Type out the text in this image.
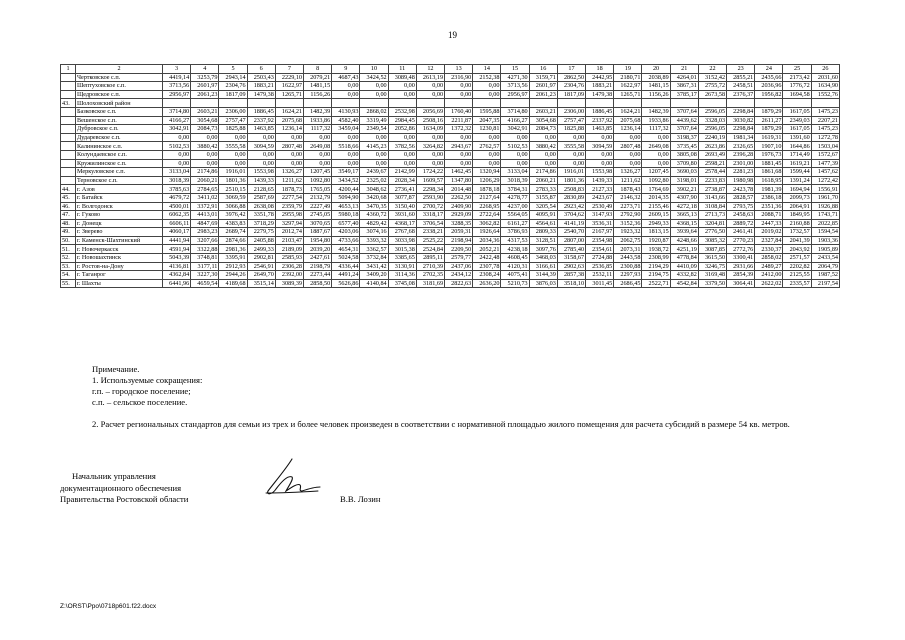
19
1	2	3	4	5	6	7	8	9	10	11	12	13	14	15	16	17	18	19	20	21	22	23	24	25	26
	Чертковское с.п.	4419,14	3253,79	2943,14	2503,43	2229,10	2079,21	4687,43	3424,52	3089,48	2613,19	2316,90	2152,38	4271,30	3159,71	2862,50	2442,95	2180,71	2038,89	4264,01	3152,42	2855,21	2435,66	2173,42	2031,60
	Шептуховское с.п.	3713,56	2601,97	2304,76	1883,21	1622,97	1481,15	0,00	0,00	0,00	0,00	0,00	0,00	3713,56	2601,97	2304,76	1883,21	1622,97	1481,15	3867,31	2755,72	2458,51	2036,96	1776,72	1634,90
	Щедровское с.п.	2956,97	2061,23	1817,09	1479,38	1265,71	1156,26	0,00	0,00	0,00	0,00	0,00	0,00	2956,97	2061,23	1817,09	1479,38	1265,71	1156,26	3785,17	2673,58	2376,37	1956,82	1694,58	1552,76
43.	Шолоховский район																								
	Базковское с.п.	3714,80	2603,21	2306,00	1886,45	1624,21	1482,39	4130,93	2868,02	2532,98	2056,69	1760,40	1595,88	3714,80	2603,21	2306,00	1886,45	1624,21	1482,39	3707,64	2596,05	2298,84	1879,29	1617,05	1475,23
	Вешенское с.п.	4166,27	3054,68	2757,47	2337,92	2075,68	1933,86	4582,40	3319,49	2984,45	2508,16	2211,87	2047,35	4166,27	3054,68	2757,47	2337,92	2075,68	1933,86	4439,62	3328,03	3030,82	2611,27	2349,03	2207,21
	Дубровское с.п.	3042,91	2084,73	1825,88	1463,85	1236,14	1117,32	3459,04	2349,54	2052,86	1634,09	1372,32	1230,81	3042,91	2084,73	1825,88	1463,85	1236,14	1117,32	3707,64	2596,05	2298,84	1879,29	1617,05	1475,23
	Дударевское с.п.	0,00	0,00	0,00	0,00	0,00	0,00	0,00	0,00	0,00	0,00	0,00	0,00	0,00	0,00	0,00	0,00	0,00	0,00	3198,37	2240,19	1981,34	1619,31	1391,60	1272,78
	Калининское с.п.	5102,53	3880,42	3555,58	3094,59	2807,48	2649,08	5518,66	4145,23	3782,56	3264,82	2943,67	2762,57	5102,53	3880,42	3555,58	3094,59	2807,48	2649,08	3735,45	2623,86	2326,65	1907,10	1644,86	1503,04
	Колундаевское с.п.	0,00	0,00	0,00	0,00	0,00	0,00	0,00	0,00	0,00	0,00	0,00	0,00	0,00	0,00	0,00	0,00	0,00	0,00	3805,08	2693,49	2396,28	1976,73	1714,49	1572,67
	Кружилинское с.п.	0,00	0,00	0,00	0,00	0,00	0,00	0,00	0,00	0,00	0,00	0,00	0,00	0,00	0,00	0,00	0,00	0,00	0,00	3709,80	2598,21	2301,00	1881,45	1619,21	1477,39
	Меркуловское с.п.	3133,04	2174,86	1916,01	1553,98	1326,27	1207,45	3549,17	2439,67	2142,99	1724,22	1462,45	1320,94	3133,04	2174,86	1916,01	1553,98	1326,27	1207,45	3690,03	2578,44	2281,23	1861,68	1599,44	1457,62
	Терновское с.п.	3018,39	2060,21	1801,36	1439,33	1211,62	1092,80	3434,52	2325,02	2028,34	1609,57	1347,80	1206,29	3018,39	2060,21	1801,36	1439,33	1211,62	1092,80	3198,01	2233,83	1980,98	1618,95	1391,24	1272,42
44.	г. Азов	3785,63	2784,65	2510,15	2128,65	1878,73	1765,05	4200,44	3048,62	2736,41	2298,34	2014,48	1878,18	3784,31	2783,33	2508,83	2127,33	1878,43	1764,69	3902,21	2738,87	2423,78	1981,39	1694,94	1556,91
45.	г. Батайск	4679,72	3411,02	3069,59	2587,69	2277,54	2132,79	5094,90	3420,68	3077,87	2593,90	2262,50	2127,64	4278,77	3155,87	2830,89	2423,67	2146,32	2014,35	4307,90	3143,66	2828,57	2386,18	2099,73	1961,70
46.	г. Волгодонск	4500,01	3372,91	3066,88	2638,08	2359,79	2227,49	4653,13	3470,35	3150,40	2700,72	2409,90	2268,95	4237,00	3205,54	2923,42	2530,49	2273,71	2155,46	4272,18	3108,84	2793,75	2351,36	2064,91	1926,88
47.	г. Гуково	6062,35	4413,01	3976,42	3351,78	2955,98	2745,05	5980,18	4360,72	3931,60	3318,17	2929,09	2722,64	5564,05	4095,91	3704,62	3147,93	2792,90	2609,15	3665,13	2713,73	2458,63	2088,71	1849,95	1743,71
48.	г. Донецк	6606,11	4847,69	4383,83	3718,29	3297,94	3070,65	6577,40	4829,42	4368,17	3706,54	3288,35	3062,82	6161,27	4564,61	4141,19	3536,31	3152,36	2949,33	4368,15	3204,81	2889,72	2447,33	2160,88	2022,85
49.	г. Зверево	4060,17	2983,23	2689,74	2279,75	2012,74	1887,67	4203,06	3074,16	2767,68	2338,21	2059,31	1926,64	3786,93	2809,33	2540,70	2167,97	1923,32	1813,15	3939,64	2776,50	2461,41	2019,02	1732,57	1594,54
50.	г. Каменск-Шахтинский	4441,94	3207,66	2874,66	2405,88	2103,47	1954,80	4733,66	3393,32	3033,98	2525,22	2198,94	2034,36	4317,53	3128,51	2807,00	2354,98	2062,75	1920,87	4248,66	3085,32	2770,23	2327,84	2041,39	1903,36
51.	г. Новочеркасск	4591,94	3322,88	2981,36	2499,33	2189,09	2039,20	4654,31	3362,57	3015,38	2524,84	2209,50	2052,21	4238,18	3097,76	2785,40	2354,61	2073,31	1938,72	4251,19	3087,85	2772,76	2330,37	2043,92	1905,89
52.	г. Новошахтинск	5043,39	3748,81	3395,91	2902,81	2585,93	2427,61	5024,58	3732,84	3385,65	2895,11	2579,77	2422,48	4608,45	3468,03	3158,67	2724,88	2443,58	2308,99	4778,84	3615,50	3300,41	2858,02	2571,57	2433,54
53.	г. Ростов-на-Дону	4136,81	3177,11	2912,93	2546,91	2306,28	2198,79	4336,44	3431,42	3130,91	2710,39	2437,06	2307,78	4120,31	3166,61	2902,63	2536,85	2300,88	2194,29	4410,09	3246,75	2931,66	2489,27	2202,82	2064,79
54.	г. Таганрог	4362,84	3227,30	2944,26	2649,70	2392,00	2273,44	4491,24	3409,20	3114,36	2702,35	2434,12	2308,24	4075,41	3144,39	2857,38	2532,11	2297,93	2194,75	4332,82	3169,48	2854,39	2412,00	2125,55	1987,52
55.	г. Шахты	6441,96	4659,54	4189,68	3515,14	3089,39	2858,50	5626,86	4140,84	3745,08	3181,69	2822,63	2636,20	5210,73	3876,03	3518,10	3011,45	2686,45	2522,71	4542,84	3379,50	3064,41	2622,02	2335,57	2197,54

Примечание.

1. Используемые сокращения:

г.п. – городское поселение;

с.п. – сельское поселение.

2. Расчет региональных стандартов для семьи из трех и более человек произведен в соответствии с нормативной площадью жилого помещения для расчета субсидий в размере 54 кв. метров.

Начальник управления

документационного обеспечения

Правительства Ростовской области	В.В. Лозин
Z:\ORST\Ppo\0718p601.f22.docx
